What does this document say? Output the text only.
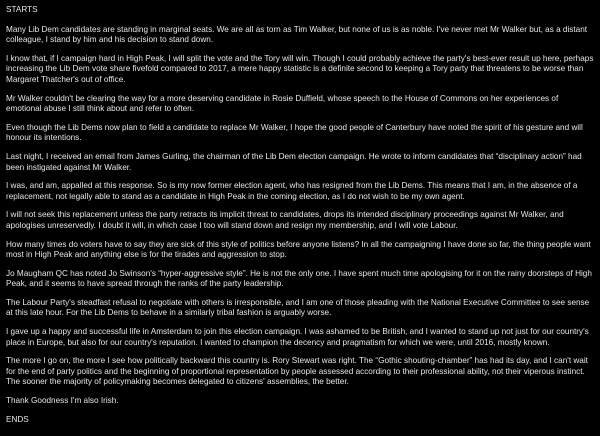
STARTS

Many Lib Dem candidates are standing in marginal seats. We are all as torn as Tim Walker, but none of us is as noble. I've never met Mr Walker but, as a distant colleague, I stand by him and his decision to stand down.

I know that, if I campaign hard in High Peak, I will split the vote and the Tory will win. Though I could probably achieve the party's best-ever result up here, perhaps increasing the Lib Dem vote share fivefold compared to 2017, a mere happy statistic is a definite second to keeping a Tory party that threatens to be worse than Margaret Thatcher's out of office.

Mr Walker couldn't be clearing the way for a more deserving candidate in Rosie Duffield, whose speech to the House of Commons on her experiences of emotional abuse I still think about and refer to often.

Even though the Lib Dems now plan to field a candidate to replace Mr Walker, I hope the good people of Canterbury have noted the spirit of his gesture and will honour its intentions.

Last night, I received an email from James Gurling, the chairman of the Lib Dem election campaign. He wrote to inform candidates that “disciplinary action” had been instigated against Mr Walker.

I was, and am, appalled at this response. So is my now former election agent, who has resigned from the Lib Dems. This means that I am, in the absence of a replacement, not legally able to stand as a candidate in High Peak in the coming election, as I do not wish to be my own agent.

I will not seek this replacement unless the party retracts its implicit threat to candidates, drops its intended disciplinary proceedings against Mr Walker, and apologises unreservedly. I doubt it will, in which case I too will stand down and resign my membership, and I will vote Labour.

How many times do voters have to say they are sick of this style of politics before anyone listens? In all the campaigning I have done so far, the thing people want most in High Peak and anything else is for the tirades and aggression to stop.

Jo Maugham QC has noted Jo Swinson's “hyper-aggressive style”. He is not the only one. I have spent much time apologising for it on the rainy doorsteps of High Peak, and it seems to have spread through the ranks of the party leadership.

The Labour Party's steadfast refusal to negotiate with others is irresponsible, and I am one of those pleading with the National Executive Committee to see sense at this late hour. For the Lib Dems to behave in a similarly tribal fashion is arguably worse.

I gave up a happy and successful life in Amsterdam to join this election campaign. I was ashamed to be British, and I wanted to stand up not just for our country's place in Europe, but also for our country's reputation. I wanted to champion the decency and pragmatism for which we were, until 2016, mostly known.

The more I go on, the more I see how politically backward this country is. Rory Stewart was right. The “Gothic shouting-chamber” has had its day, and I can't wait for the end of party politics and the beginning of proportional representation by people assessed according to their professional ability, not their viperous instinct. The sooner the majority of policymaking becomes delegated to citizens' assemblies, the better.

Thank Goodness I'm also Irish.

ENDS
